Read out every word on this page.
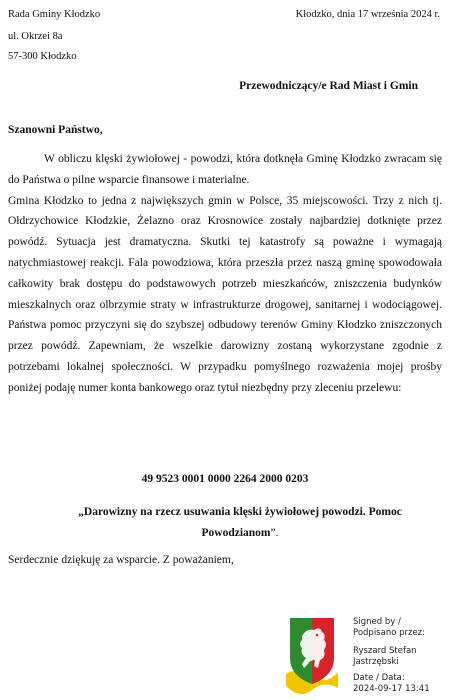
Rada Gminy Kłodzko
ul. Okrzei 8a
57-300 Kłodzko
Kłodzko, dnia 17 września 2024 r.
Przewodniczący/e Rad Miast i Gmin
Szanowni Państwo,

W obliczu klęski żywiołowej - powodzi, która dotknęła Gminę Kłodzko zwracam się do Państwa o pilne wsparcie finansowe i materialne.

Gmina Kłodzko to jedna z największych gmin w Polsce, 35 miejscowości. Trzy z nich tj. Ołdrzychowice Kłodzkie, Żelazno oraz Krosnowice zostały najbardziej dotknięte przez powódź. Sytuacja jest dramatyczna. Skutki tej katastrofy są poważne i wymagają natychmiastowej reakcji. Fala powodziowa, która przeszła przez naszą gminę spowodowała całkowity brak dostępu do podstawowych potrzeb mieszkańców, zniszczenia budynków mieszkalnych oraz olbrzymie straty w infrastrukturze drogowej, sanitarnej i wodociągowej. Państwa pomoc przyczyni się do szybszej odbudowy terenów Gminy Kłodzko zniszczonych przez powódź. Zapewniam, że wszelkie darowizny zostaną wykorzystane zgodnie z potrzebami lokalnej społeczności. W przypadku pomyślnego rozważenia mojej prośby poniżej podaję numer konta bankowego oraz tytuł niezbędny przy zleceniu przelewu:

49 9523 0001 0000 2264 2000 0203
„Darowizny na rzecz usuwania klęski żywiołowej powodzi. Pomoc
Powodzianom”.
Serdecznie dziękuję za wsparcie. Z poważaniem,
Signed by /
Podpisano przez:
Ryszard Stefan
Jastrzębski
Date / Data:
2024-09-17 13:41
